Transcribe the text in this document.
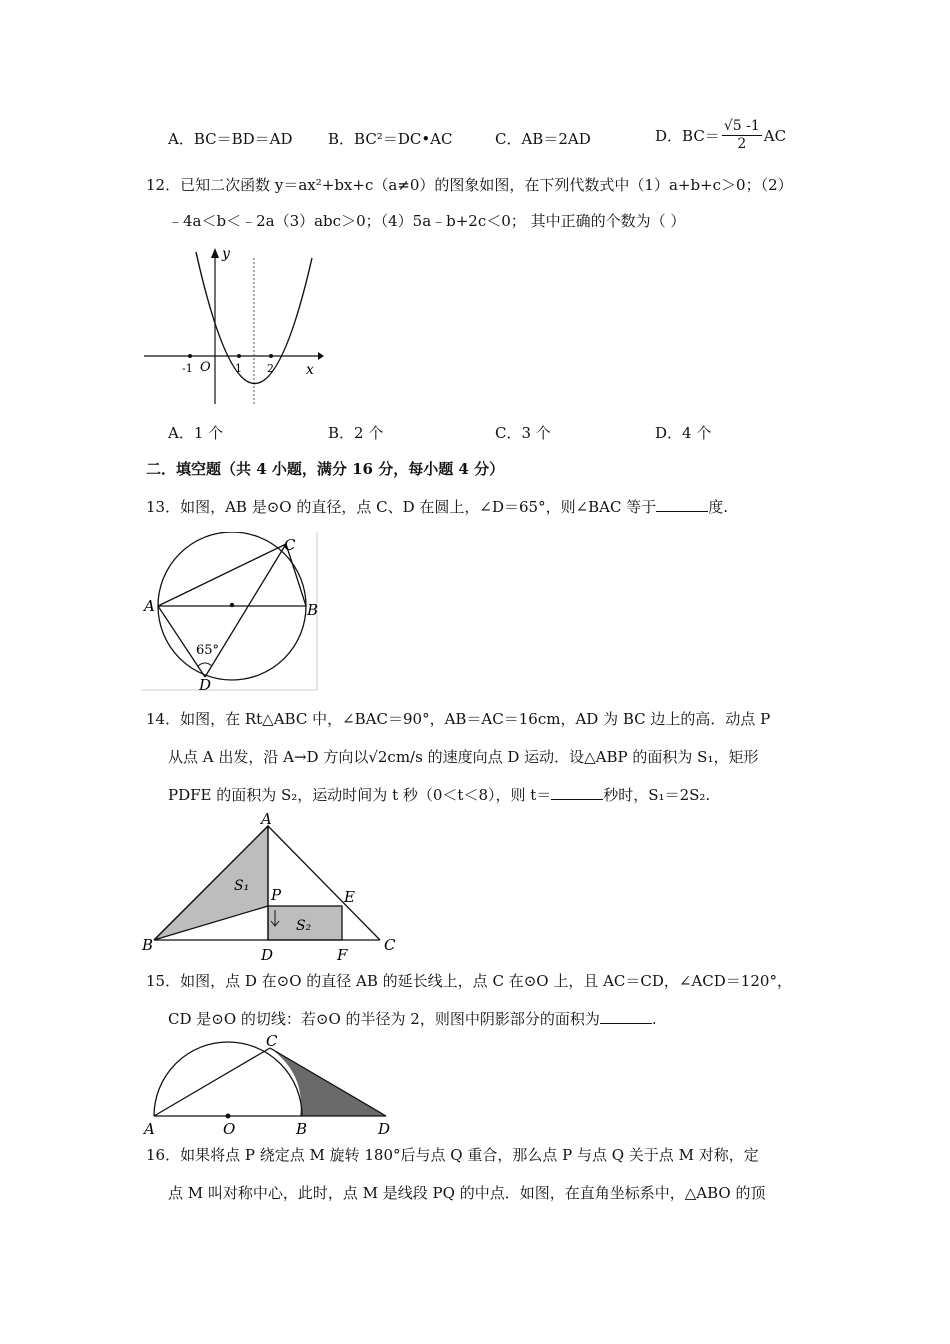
A．BC＝BD＝AD B．BC²＝DC•AC	C．AB＝2AD	D．$BC= \frac{√5 -1}{2}$ AC
12．已知二次函数 y＝ax²+bx+c（a≠0）的图象如图，在下列代数式中（1）a+b+c＞0；（2）
﹣4a＜b＜﹣2a（3）abc＞0；（4）5a﹣b+2c＜0； 其中正确的个数为（ ）
y
x
O
-1	1 2
A．1 个	B．2 个	C．3 个	D．4 个
二．填空题（共 4 小题，满分 16 分，每小题 4 分）
13．如图，AB 是⊙O 的直径，点 C、D 在圆上，∠D＝65°，则∠BAC 等于	度.
A	B
C
D
65°
14．如图，在 Rt△ABC 中，∠BAC＝90°，AB＝AC＝16cm，AD 为 BC 边上的高．动点 P
从点 A 出发，沿 A→D 方向以√2cm/s 的速度向点 D 运动．设△ABP 的面积为 S₁，矩形
PDFE 的面积为 S₂，运动时间为 t 秒（0＜t＜8），则 t＝	秒时，S₁＝2S₂.
A
B	C
D
E
F
P
S₁
S₂
15．如图，点 D 在⊙O 的直径 AB 的延长线上，点 C 在⊙O 上，且 AC＝CD，∠ACD＝120°，
CD 是⊙O 的切线：若⊙O 的半径为 2，则图中阴影部分的面积为	.
A	O	B
C
D
16．如果将点 P 绕定点 M 旋转 180°后与点 Q 重合，那么点 P 与点 Q 关于点 M 对称，定
点 M 叫对称中心，此时，点 M 是线段 PQ 的中点．如图，在直角坐标系中，△ABO 的顶
